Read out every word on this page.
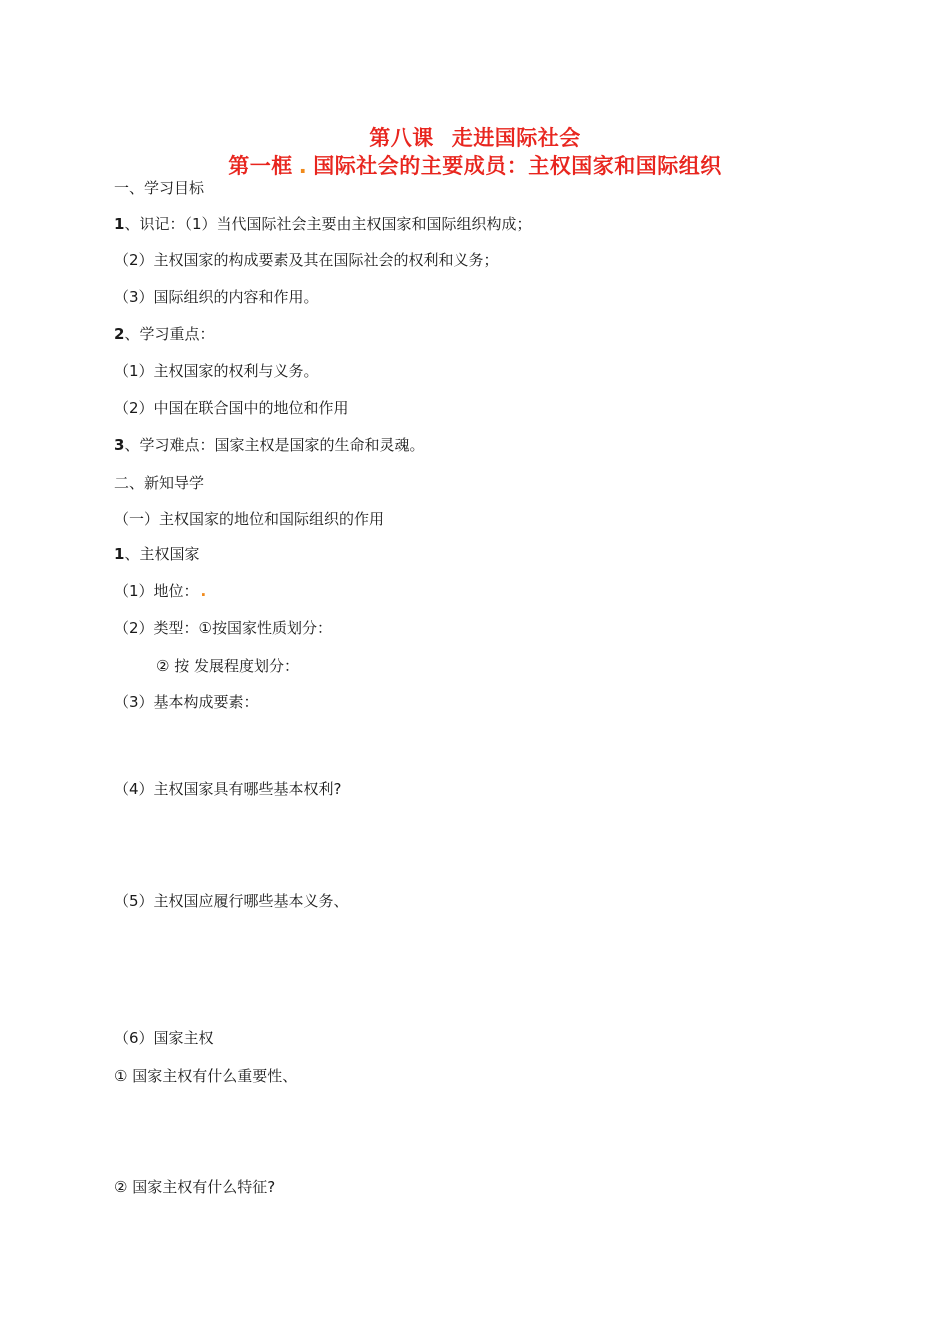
第八课 走进国际社会
第一框 . 国际社会的主要成员：主权国家和国际组织
一、学习目标
1、识记：（1）当代国际社会主要由主权国家和国际组织构成；
（2）主权国家的构成要素及其在国际社会的权利和义务；
（3）国际组织的内容和作用。
2、学习重点：
（1）主权国家的权利与义务。
（2）中国在联合国中的地位和作用
3、学习难点：国家主权是国家的生命和灵魂。
二、新知导学
（一）主权国家的地位和国际组织的作用
1、主权国家
（1）地位： .
（2）类型：①按国家性质划分：
② 按 发展程度划分：
（3）基本构成要素：
（4）主权国家具有哪些基本权利?
（5）主权国应履行哪些基本义务、
（6）国家主权
① 国家主权有什么重要性、
② 国家主权有什么特征?
